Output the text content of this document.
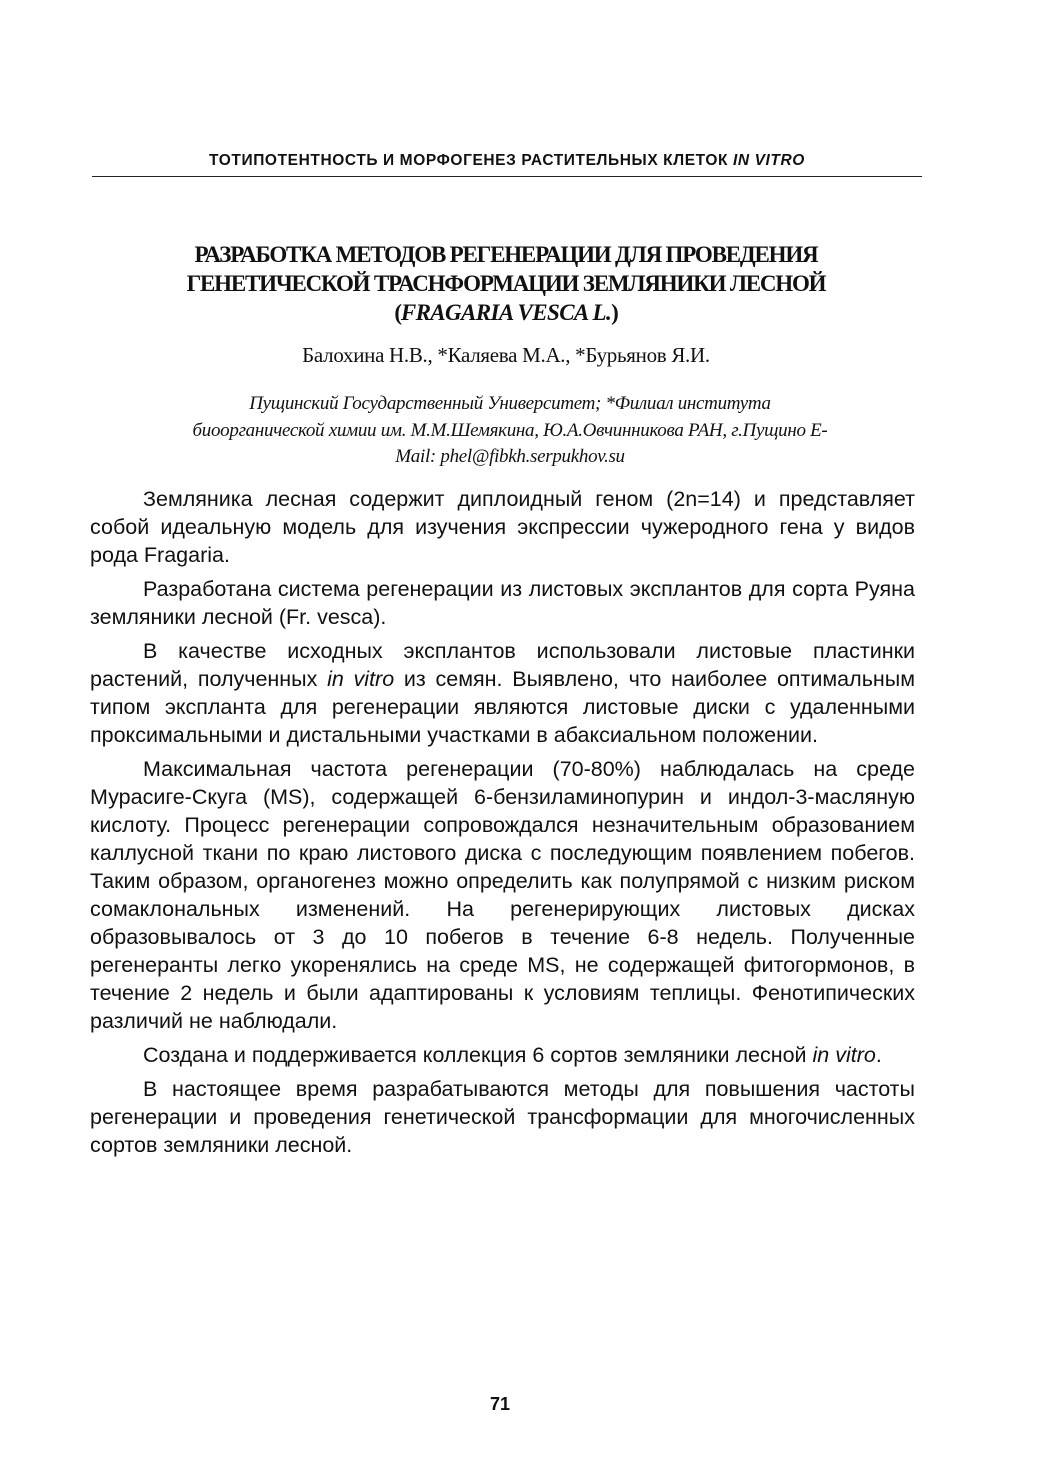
ТОТИПОТЕНТНОСТЬ И МОРФОГЕНЕЗ РАСТИТЕЛЬНЫХ КЛЕТОК IN VITRO
РАЗРАБОТКА МЕТОДОВ РЕГЕНЕРАЦИИ ДЛЯ ПРОВЕДЕНИЯ
ГЕНЕТИЧЕСКОЙ ТРАСНФОРМАЦИИ ЗЕМЛЯНИКИ ЛЕСНОЙ
(FRAGARIA VESCA L.)
Балохина Н.В., *Каляева М.А., *Бурьянов Я.И.
Пущинский Государственный Университет; *Филиал института
биоорганической химии им. М.М.Шемякина, Ю.А.Овчинникова РАН, г.Пущино E-
Mail: phel@fibkh.serpukhov.su

Земляника лесная содержит диплоидный геном (2n=14) и представляет собой идеальную модель для изучения экспрессии чужеродного гена у видов рода Fragaria.

Разработана система регенерации из листовых эксплантов для сорта Руяна земляники лесной (Fr. vesca).

В качестве исходных эксплантов использовали листовые пластинки растений, полученных in vitro из семян. Выявлено, что наиболее оптимальным типом экспланта для регенерации являются листовые диски с удаленными проксимальными и дистальными участками в абаксиальном положении.

Максимальная частота регенерации (70-80%) наблюдалась на среде Мурасиге-Скуга (MS), содержащей 6-бензиламинопурин и индол-3-масляную кислоту. Процесс регенерации сопровождался незначительным образованием каллусной ткани по краю листового диска с последующим появлением побегов. Таким образом, органогенез можно определить как полупрямой с низким риском сомаклональных изменений. На регенерирующих листовых дисках образовывалось от 3 до 10 побегов в течение 6-8 недель. Полученные регенеранты легко укоренялись на среде MS, не содержащей фитогормонов, в течение 2 недель и были адаптированы к условиям теплицы. Фенотипических различий не наблюдали.

Создана и поддерживается коллекция 6 сортов земляники лесной in vitro.

В настоящее время разрабатываются методы для повышения частоты регенерации и проведения генетической трансформации для многочисленных сортов земляники лесной.

71
